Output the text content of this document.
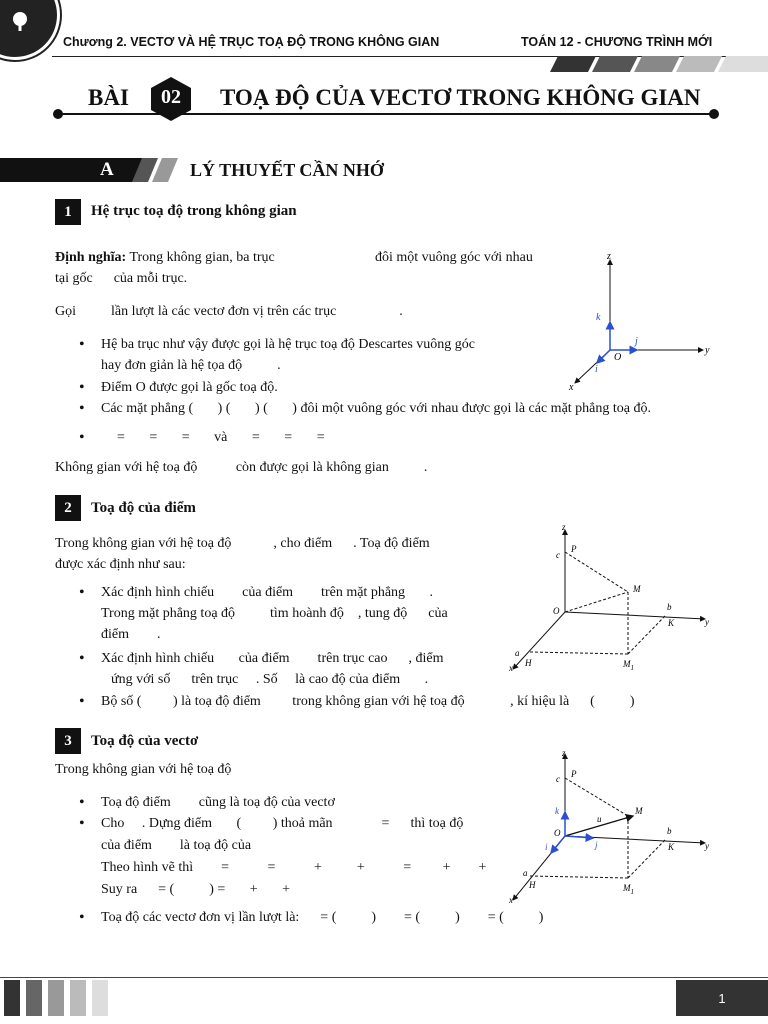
Chương 2. VECTƠ VÀ HỆ TRỤC TOẠ ĐỘ TRONG KHÔNG GIAN	TOÁN 12 - CHƯƠNG TRÌNH MỚI
BÀI	02	TOẠ ĐỘ CỦA VECTƠ TRONG KHÔNG GIAN
A	LÝ THUYẾT CẦN NHỚ
1	Hệ trục toạ độ trong không gian
Định nghĩa: Trong không gian, ba trục	đôi một vuông góc với nhau
tại gốc      của mỗi trục.
Gọi          lần lượt là các vectơ đơn vị trên các trục                  .
• Hệ ba trục như vậy được gọi là hệ trục toạ độ Descartes vuông góc
hay đơn giản là hệ tọa độ          .
• Điểm O được gọi là gốc toạ độ.
• Các mặt phẳng (       ) (       ) (       ) đôi một vuông góc với nhau được gọi là các mặt phẳng toạ độ.
• =       =       =       và       =       =       =
Không gian với hệ toạ độ           còn được gọi là không gian          .
z
y
x
O
k
j
i
2	Toạ độ của điểm
Trong không gian với hệ toạ độ            , cho điểm      . Toạ độ điểm
được xác định như sau:
• Xác định hình chiếu        của điểm        trên mặt phẳng       .
Trong mặt phẳng toạ độ          tìm hoành độ    , tung độ      của
điểm        .
• Xác định hình chiếu       của điểm        trên trục cao      , điểm
ứng với số      trên trục     . Số     là cao độ của điểm       .
• Bộ số (         ) là toạ độ điểm         trong không gian với hệ toạ độ             , kí hiệu là      (          )
z
y
x
O
c
P
M
b
K
a
H	$M_1$
3	Toạ độ của vectơ
Trong không gian với hệ toạ độ
• Toạ độ điểm        cũng là toạ độ của vectơ
• Cho     . Dựng điểm       (         ) thoả mãn              =      thì toạ độ
của điểm        là toạ độ của
Theo hình vẽ thì        =           =           +          +           =         +        +
Suy ra      = (          ) =       +       +
• Toạ độ các vectơ đơn vị lần lượt là:      = (          )        = (          )        = (          )
z
y
x
O
c P
M
b
K
a
H	$M_1$
u
k
j
i
1
